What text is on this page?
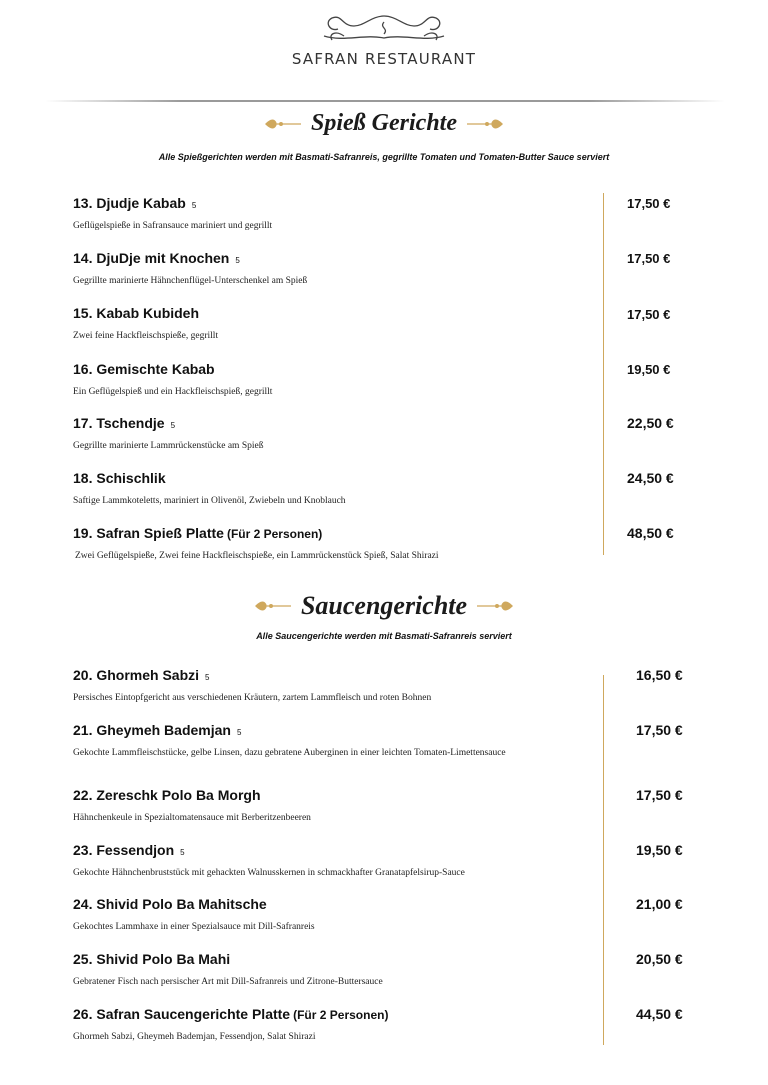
SAFRAN RESTAURANT
Spieß Gerichte
Alle Spießgerichten werden mit Basmati-Safranreis, gegrillte Tomaten und Tomaten-Butter Sauce serviert
13. Djudje Kabab 5
Geflügelspieße in Safransauce mariniert und gegrillt
17,50 €
14. DjuDje mit Knochen 5
Gegrillte marinierte Hähnchenflügel-Unterschenkel am Spieß
17,50 €
15. Kabab Kubideh
Zwei feine Hackfleischspieße, gegrillt
17,50 €
16. Gemischte Kabab
Ein Geflügelspieß und ein Hackfleischspieß, gegrillt
19,50 €
17. Tschendje 5
Gegrillte marinierte Lammrückenstücke am Spieß
22,50 €
18. Schischlik
Saftige Lammkoteletts, mariniert in Olivenöl, Zwiebeln und Knoblauch
24,50 €
19. Safran Spieß Platte (Für 2 Personen)
Zwei Geflügelspieße, Zwei feine Hackfleischspieße, ein Lammrückenstück Spieß, Salat Shirazi
48,50 €
Saucengerichte
Alle Saucengerichte werden mit Basmati-Safranreis serviert
20. Ghormeh Sabzi 5
Persisches Eintopfgericht aus verschiedenen Kräutern, zartem Lammfleisch und roten Bohnen
16,50 €
21. Gheymeh Bademjan 5
Gekochte Lammfleischstücke, gelbe Linsen, dazu gebratene Auberginen in einer leichten Tomaten-Limettensauce
17,50 €
22. Zereschk Polo Ba Morgh
Hähnchenkeule in Spezialtomatensauce mit Berberitzenbeeren
17,50 €
23. Fessendjon 5
Gekochte Hähnchenbruststück mit gehackten Walnusskernen in schmackhafter Granatapfelsirup-Sauce
19,50 €
24. Shivid Polo Ba Mahitsche
Gekochtes Lammhaxe in einer Spezialsauce mit Dill-Safranreis
21,00 €
25. Shivid Polo Ba Mahi
Gebratener Fisch nach persischer Art mit Dill-Safranreis und Zitrone-Buttersauce
20,50 €
26. Safran Saucengerichte Platte (Für 2 Personen)
Ghormeh Sabzi, Gheymeh Bademjan, Fessendjon, Salat Shirazi
44,50 €
